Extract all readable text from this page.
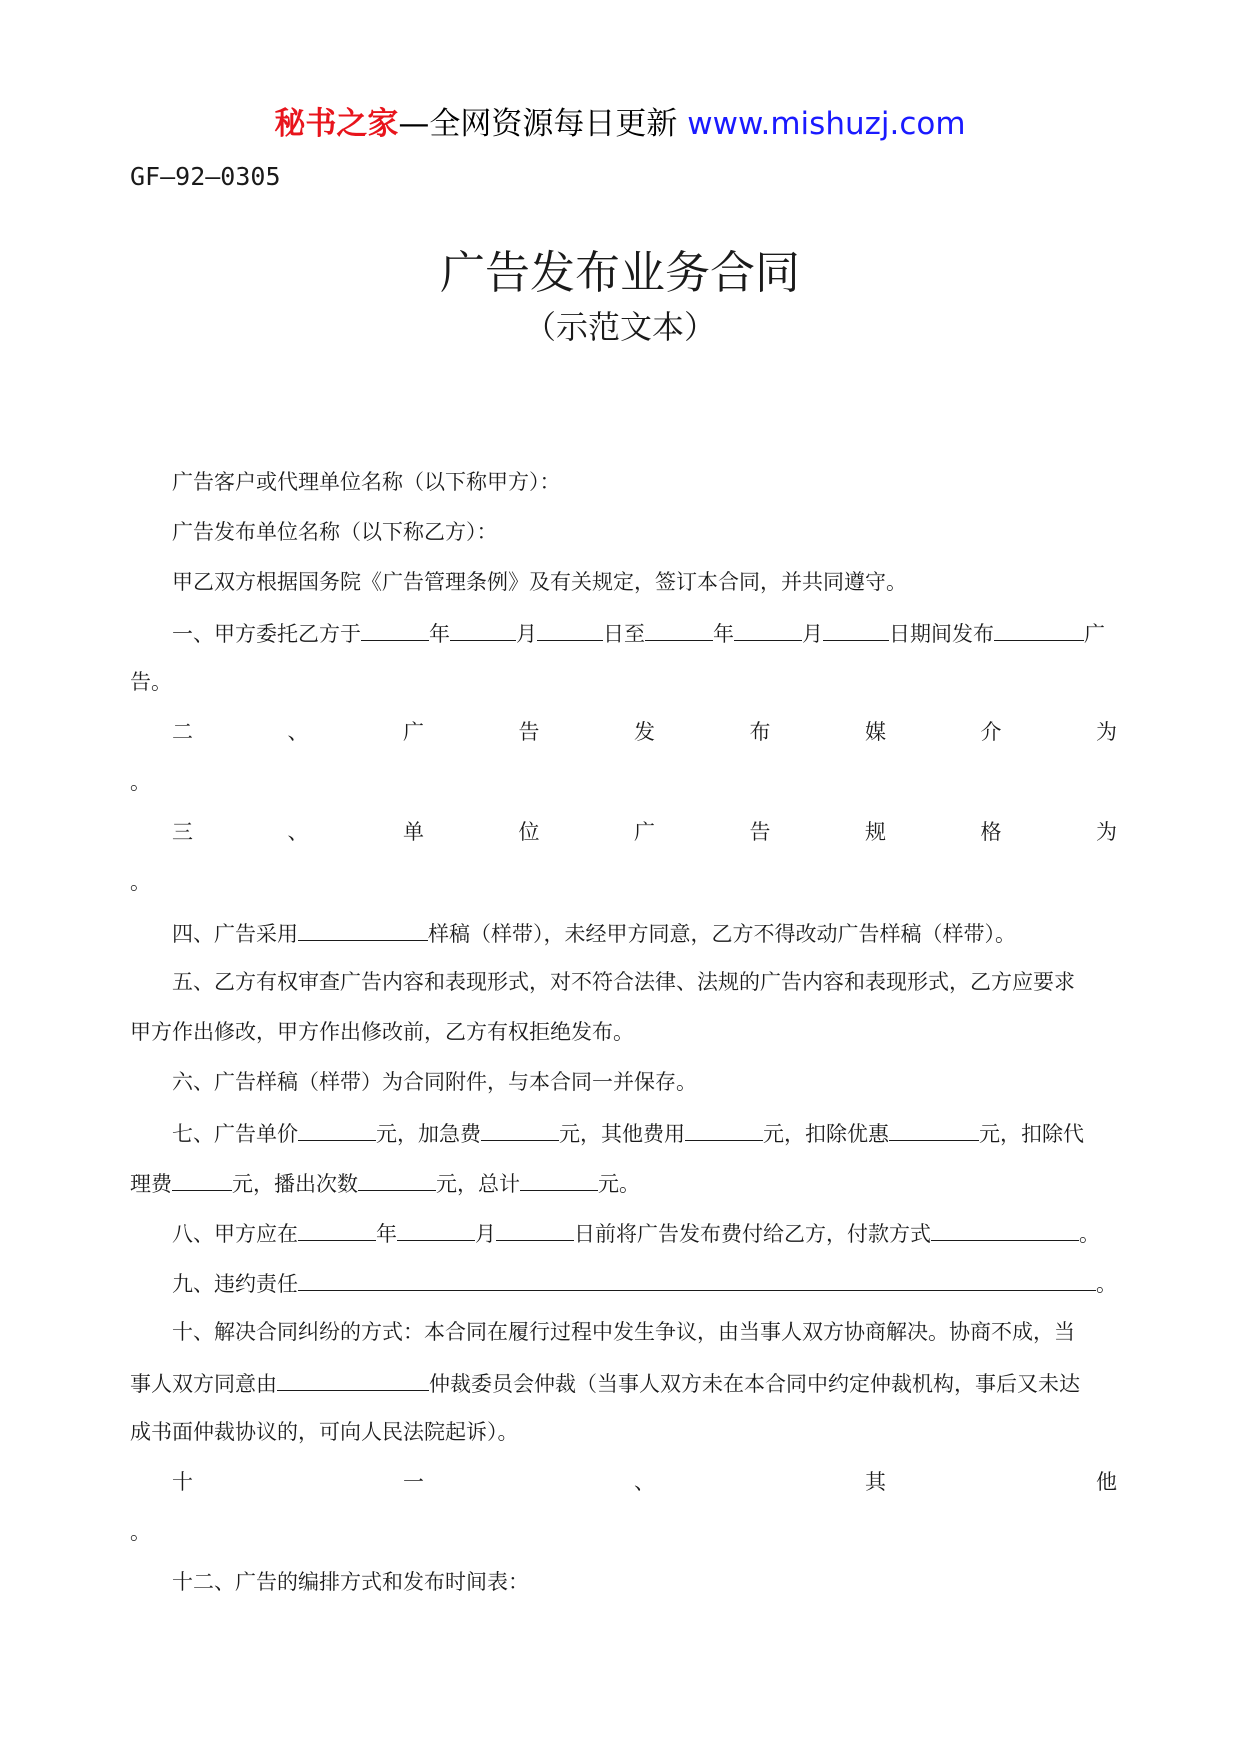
秘书之家—全网资源每日更新 www.mishuzj.com
GF—92—0305
广告发布业务合同
（示范文本）
广告客户或代理单位名称（以下称甲方）：
广告发布单位名称（以下称乙方）：
甲乙双方根据国务院《广告管理条例》及有关规定，签订本合同，并共同遵守。
一、甲方委托乙方于	年	月	日至	年	月	日期间发布	广
告。
二	、	广	告	发	布	媒	介	为
。
三	、	单	位	广	告	规	格	为
。
四、广告采用	样稿（样带），未经甲方同意，乙方不得改动广告样稿（样带）。
五、乙方有权审查广告内容和表现形式，对不符合法律、法规的广告内容和表现形式，乙方应要求
甲方作出修改，甲方作出修改前，乙方有权拒绝发布。
六、广告样稿（样带）为合同附件，与本合同一并保存。
七、广告单价	元，加急费	元，其他费用	元，扣除优惠	元，扣除代
理费	元，播出次数	元，总计	元。
八、甲方应在	年	月	日前将广告发布费付给乙方，付款方式	。
九、违约责任	。
十、解决合同纠纷的方式：本合同在履行过程中发生争议，由当事人双方协商解决。协商不成，当
事人双方同意由	仲裁委员会仲裁（当事人双方未在本合同中约定仲裁机构，事后又未达
成书面仲裁协议的，可向人民法院起诉）。
十	一	、	其	他
。
十二、广告的编排方式和发布时间表：
